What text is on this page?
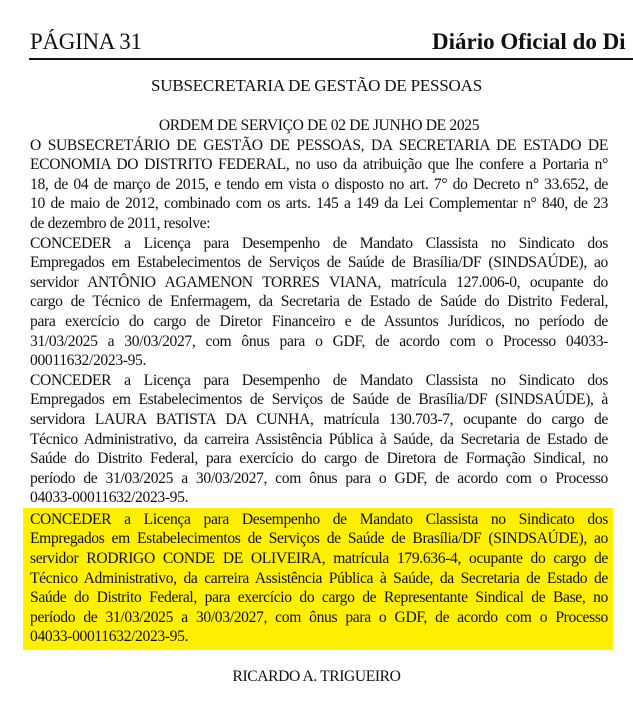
PÁGINA 31	Diário Oficial do Di
SUBSECRETARIA DE GESTÃO DE PESSOAS
ORDEM DE SERVIÇO DE 02 DE JUNHO DE 2025
O SUBSECRETÁRIO DE GESTÃO DE PESSOAS, DA SECRETARIA DE ESTADO DE
ECONOMIA DO DISTRITO FEDERAL, no uso da atribuição que lhe confere a Portaria n°
18, de 04 de março de 2015, e tendo em vista o disposto no art. 7° do Decreto n° 33.652, de
10 de maio de 2012, combinado com os arts. 145 a 149 da Lei Complementar n° 840, de 23
de dezembro de 2011, resolve:
CONCEDER a Licença para Desempenho de Mandato Classista no Sindicato dos
Empregados em Estabelecimentos de Serviços de Saúde de Brasília/DF (SINDSAÚDE), ao
servidor ANTÔNIO AGAMENON TORRES VIANA, matrícula 127.006-0, ocupante do
cargo de Técnico de Enfermagem, da Secretaria de Estado de Saúde do Distrito Federal,
para exercício do cargo de Diretor Financeiro e de Assuntos Jurídicos, no período de
31/03/2025 a 30/03/2027, com ônus para o GDF, de acordo com o Processo 04033-
00011632/2023-95.
CONCEDER a Licença para Desempenho de Mandato Classista no Sindicato dos
Empregados em Estabelecimentos de Serviços de Saúde de Brasília/DF (SINDSAÚDE), à
servidora LAURA BATISTA DA CUNHA, matrícula 130.703-7, ocupante do cargo de
Técnico Administrativo, da carreira Assistência Pública à Saúde, da Secretaria de Estado de
Saúde do Distrito Federal, para exercício do cargo de Diretora de Formação Sindical, no
período de 31/03/2025 a 30/03/2027, com ônus para o GDF, de acordo com o Processo
04033-00011632/2023-95.
CONCEDER a Licença para Desempenho de Mandato Classista no Sindicato dos
Empregados em Estabelecimentos de Serviços de Saúde de Brasília/DF (SINDSAÚDE), ao
servidor RODRIGO CONDE DE OLIVEIRA, matrícula 179.636-4, ocupante do cargo de
Técnico Administrativo, da carreira Assistência Pública à Saúde, da Secretaria de Estado de
Saúde do Distrito Federal, para exercício do cargo de Representante Sindical de Base, no
período de 31/03/2025 a 30/03/2027, com ônus para o GDF, de acordo com o Processo
04033-00011632/2023-95.
RICARDO A. TRIGUEIRO
